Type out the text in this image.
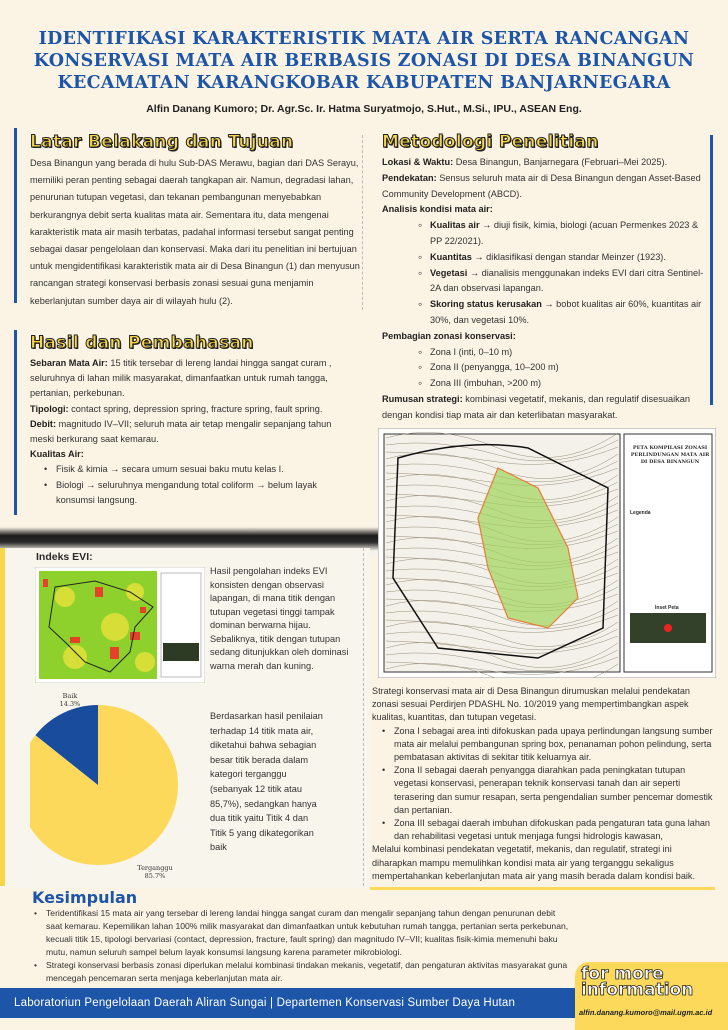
IDENTIFIKASI KARAKTERISTIK MATA AIR SERTA RANCANGAN
KONSERVASI MATA AIR BERBASIS ZONASI DI DESA BINANGUN
KECAMATAN KARANGKOBAR KABUPATEN BANJARNEGARA
Alfin Danang Kumoro; Dr. Agr.Sc. Ir. Hatma Suryatmojo, S.Hut., M.Si., IPU., ASEAN Eng.
Latar Belakang dan Tujuan
Desa Binangun yang berada di hulu Sub-DAS Merawu, bagian dari DAS Serayu, memiliki peran penting sebagai daerah tangkapan air. Namun, degradasi lahan, penurunan tutupan vegetasi, dan tekanan pembangunan menyebabkan berkurangnya debit serta kualitas mata air. Sementara itu, data mengenai karakteristik mata air masih terbatas, padahal informasi tersebut sangat penting sebagai dasar pengelolaan dan konservasi. Maka dari itu penelitian ini bertujuan untuk mengidentifikasi karakteristik mata air di Desa Binangun (1) dan menyusun rancangan strategi konservasi berbasis zonasi sesuai guna menjamin keberlanjutan sumber daya air di wilayah hulu (2).
Metodologi Penelitian
Lokasi & Waktu: Desa Binangun, Banjarnegara (Februari–Mei 2025).
Pendekatan: Sensus seluruh mata air di Desa Binangun dengan Asset-Based Community Development (ABCD).
Analisis kondisi mata air:
◦ Kualitas air → diuji fisik, kimia, biologi (acuan Permenkes 2023 & PP 22/2021).
◦ Kuantitas → diklasifikasi dengan standar Meinzer (1923).
◦ Vegetasi → dianalisis menggunakan indeks EVI dari citra Sentinel-2A dan observasi lapangan.
◦ Skoring status kerusakan → bobot kualitas air 60%, kuantitas air 30%, dan vegetasi 10%.
Pembagian zonasi konservasi:
◦ Zona I (inti, 0–10 m)
◦ Zona II (penyangga, 10–200 m)
◦ Zona III (imbuhan, >200 m)
Rumusan strategi: kombinasi vegetatif, mekanis, dan regulatif disesuaikan dengan kondisi tiap mata air dan keterlibatan masyarakat.
Hasil dan Pembahasan
Sebaran Mata Air: 15 titik tersebar di lereng landai hingga sangat curam , seluruhnya di lahan milik masyarakat, dimanfaatkan untuk rumah tangga, pertanian, perkebunan.
Tipologi: contact spring, depression spring, fracture spring, fault spring.
Debit: magnitudo IV–VII; seluruh mata air tetap mengalir sepanjang tahun meski berkurang saat kemarau.
Kualitas Air:
• Fisik & kimia → secara umum sesuai baku mutu kelas I.
• Biologi → seluruhnya mengandung total coliform → belum layak konsumsi langsung.
Indeks EVI:
Hasil pengolahan indeks EVI konsisten dengan observasi lapangan, di mana titik dengan tutupan vegetasi tinggi tampak dominan berwarna hijau. Sebaliknya, titik dengan tutupan sedang ditunjukkan oleh dominasi warna merah dan kuning.
Baik
14.3%
Terganggu
85.7%
Berdasarkan hasil penilaian terhadap 14 titik mata air, diketahui bahwa sebagian besar titik berada dalam kategori terganggu (sebanyak 12 titik atau 85,7%), sedangkan hanya dua titik yaitu Titik 4 dan Titik 5 yang dikategorikan baik
PETA KOMPILASI ZONASI PERLINDUNGAN MATA AIR DI DESA BINANGUN
Legenda
Inset Peta
Strategi konservasi mata air di Desa Binangun dirumuskan melalui pendekatan zonasi sesuai Perdirjen PDASHL No. 10/2019 yang mempertimbangkan aspek kualitas, kuantitas, dan tutupan vegetasi.
• Zona I sebagai area inti difokuskan pada upaya perlindungan langsung sumber mata air melalui pembangunan spring box, penanaman pohon pelindung, serta pembatasan aktivitas di sekitar titik keluarnya air.
• Zona II sebagai daerah penyangga diarahkan pada peningkatan tutupan vegetasi konservasi, penerapan teknik konservasi tanah dan air seperti terasering dan sumur resapan, serta pengendalian sumber pencemar domestik dan pertanian.
• Zona III sebagai daerah imbuhan difokuskan pada pengaturan tata guna lahan dan rehabilitasi vegetasi untuk menjaga fungsi hidrologis kawasan,
Melalui kombinasi pendekatan vegetatif, mekanis, dan regulatif, strategi ini diharapkan mampu memulihkan kondisi mata air yang terganggu sekaligus mempertahankan keberlanjutan mata air yang masih berada dalam kondisi baik.
Kesimpulan
• Teridentifikasi 15 mata air yang tersebar di lereng landai hingga sangat curam dan mengalir sepanjang tahun dengan penurunan debit saat kemarau. Kepemilikan lahan 100% milik masyarakat dan dimanfaatkan untuk kebutuhan rumah tangga, pertanian serta perkebunan, kecuali titik 15, tipologi bervariasi (contact, depression, fracture, fault spring) dan magnitudo IV–VII; kualitas fisik-kimia memenuhi baku mutu, namun seluruh sampel belum layak konsumsi langsung karena parameter mikrobiologi.
• Strategi konservasi berbasis zonasi diperlukan melalui kombinasi tindakan mekanis, vegetatif, dan pengaturan aktivitas masyarakat guna mencegah pencemaran serta menjaga keberlanjutan mata air.
Laboratoriun Pengelolaan Daerah Aliran Sungai | Departemen Konservasi Sumber Daya Hutan
for more
information
alfin.danang.kumoro@mail.ugm.ac.id
